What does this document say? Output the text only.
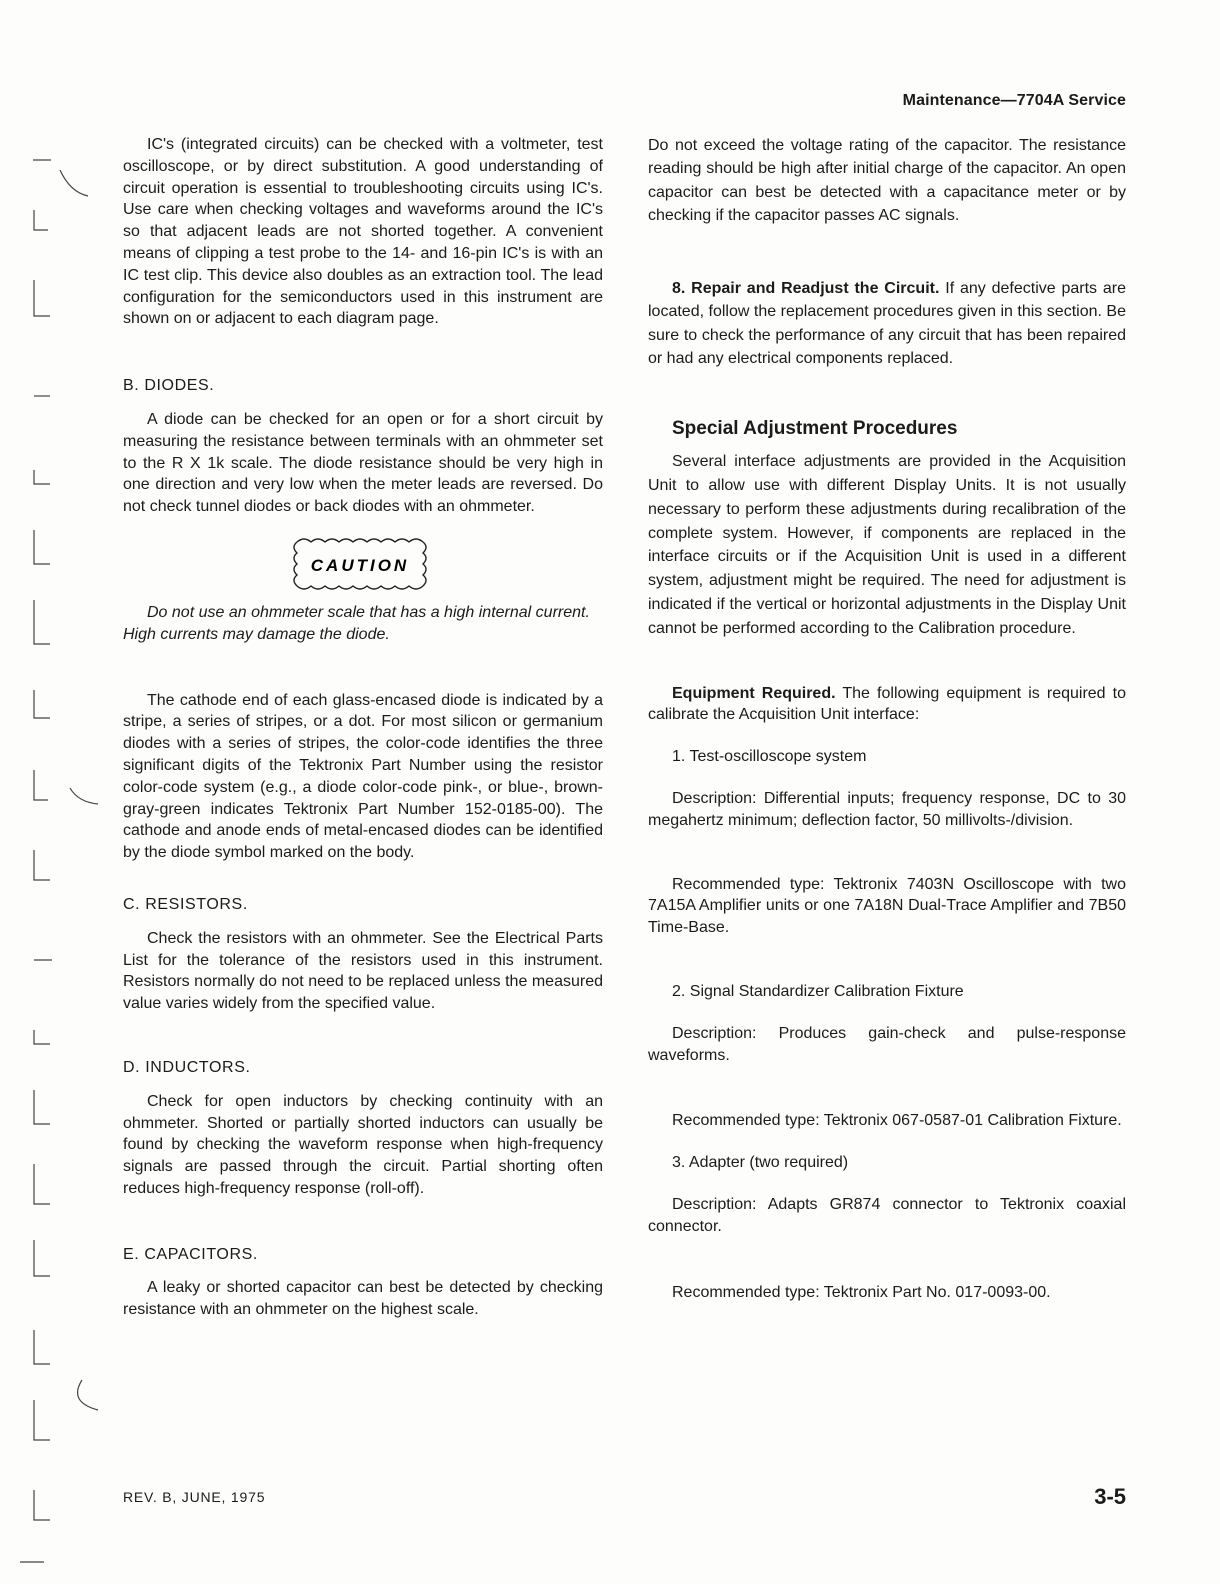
Maintenance—7704A Service

IC's (integrated circuits) can be checked with a voltmeter, test oscilloscope, or by direct substitution. A good understanding of circuit operation is essential to troubleshooting circuits using IC's. Use care when checking voltages and waveforms around the IC's so that adjacent leads are not shorted together. A convenient means of clipping a test probe to the 14- and 16-pin IC's is with an IC test clip. This device also doubles as an extraction tool. The lead configuration for the semiconductors used in this instrument are shown on or adjacent to each diagram page.

B. DIODES.

A diode can be checked for an open or for a short circuit by measuring the resistance between terminals with an ohmmeter set to the R X 1k scale. The diode resistance should be very high in one direction and very low when the meter leads are reversed. Do not check tunnel diodes or back diodes with an ohmmeter.

CAUTION

Do not use an ohmmeter scale that has a high internal current. High currents may damage the diode.

The cathode end of each glass-encased diode is indicated by a stripe, a series of stripes, or a dot. For most silicon or germanium diodes with a series of stripes, the color-code identifies the three significant digits of the Tektronix Part Number using the resistor color-code system (e.g., a diode color-code pink-, or blue-, brown-gray-green indicates Tektronix Part Number 152-0185-00). The cathode and anode ends of metal-encased diodes can be identified by the diode symbol marked on the body.

C. RESISTORS.

Check the resistors with an ohmmeter. See the Electrical Parts List for the tolerance of the resistors used in this instrument. Resistors normally do not need to be replaced unless the measured value varies widely from the specified value.

D. INDUCTORS.

Check for open inductors by checking continuity with an ohmmeter. Shorted or partially shorted inductors can usually be found by checking the waveform response when high-frequency signals are passed through the circuit. Partial shorting often reduces high-frequency response (roll-off).

E. CAPACITORS.

A leaky or shorted capacitor can best be detected by checking resistance with an ohmmeter on the highest scale.

Do not exceed the voltage rating of the capacitor. The resistance reading should be high after initial charge of the capacitor. An open capacitor can best be detected with a capacitance meter or by checking if the capacitor passes AC signals.

8. Repair and Readjust the Circuit. If any defective parts are located, follow the replacement procedures given in this section. Be sure to check the performance of any circuit that has been repaired or had any electrical components replaced.

Special Adjustment Procedures

Several interface adjustments are provided in the Acquisition Unit to allow use with different Display Units. It is not usually necessary to perform these adjustments during recalibration of the complete system. However, if components are replaced in the interface circuits or if the Acquisition Unit is used in a different system, adjustment might be required. The need for adjustment is indicated if the vertical or horizontal adjustments in the Display Unit cannot be performed according to the Calibration procedure.

Equipment Required. The following equipment is required to calibrate the Acquisition Unit interface:

1. Test-oscilloscope system

Description: Differential inputs; frequency response, DC to 30 megahertz minimum; deflection factor, 50 millivolts-/division.

Recommended type: Tektronix 7403N Oscilloscope with two 7A15A Amplifier units or one 7A18N Dual-Trace Amplifier and 7B50 Time-Base.

2. Signal Standardizer Calibration Fixture

Description: Produces gain-check and pulse-response waveforms.

Recommended type: Tektronix 067-0587-01 Calibration Fixture.

3. Adapter (two required)

Description: Adapts GR874 connector to Tektronix coaxial connector.

Recommended type: Tektronix Part No. 017-0093-00.

REV. B, JUNE, 1975	3-5
